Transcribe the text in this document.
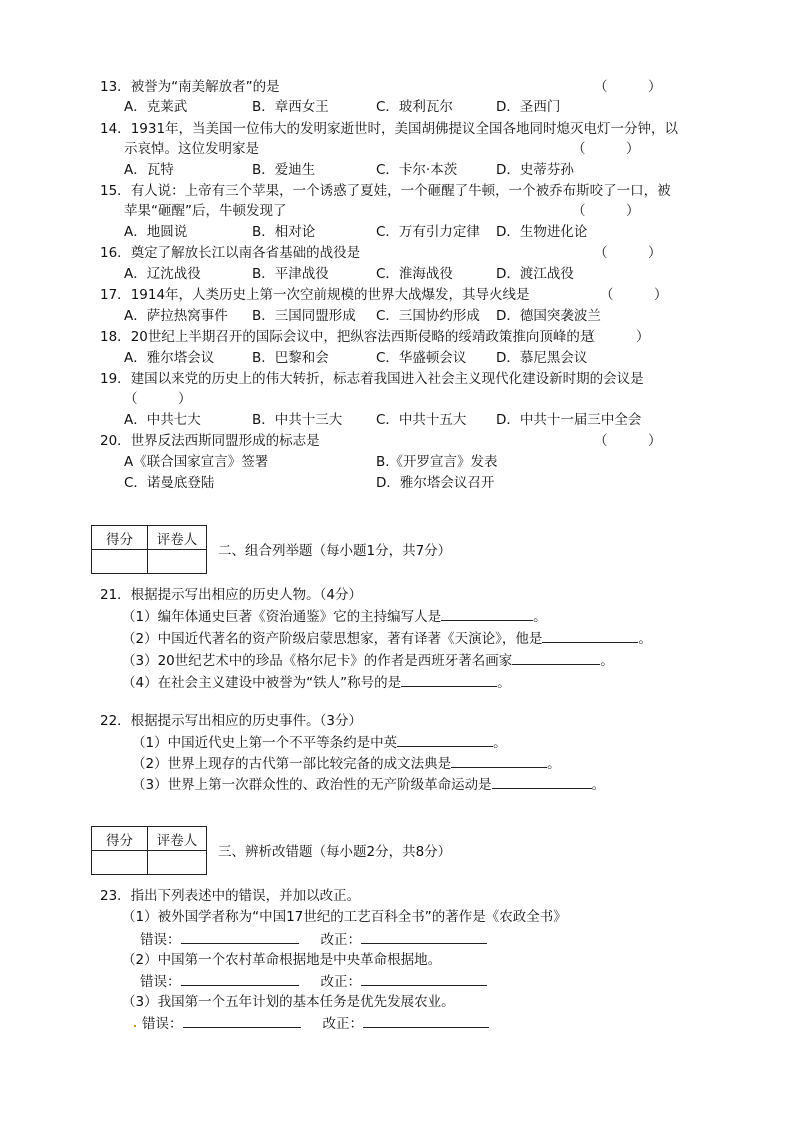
13．被誉为“南美解放者”的是	（　　　）
A．克莱武	B．章西女王	C．玻利瓦尔	D．圣西门
14．1931年，当美国一位伟大的发明家逝世时，美国胡佛提议全国各地同时熄灭电灯一分钟，以
示哀悼。这位发明家是	（　　　）
A．瓦特	B．爱迪生	C．卡尔·本茨	D．史蒂芬孙
15．有人说：上帝有三个苹果，一个诱惑了夏娃，一个砸醒了牛顿，一个被乔布斯咬了一口，被
苹果“砸醒”后，牛顿发现了	（　　　）
A．地圆说	B．相对论	C．万有引力定律 D．生物进化论
16．奠定了解放长江以南各省基础的战役是	（　　　）
A．辽沈战役	B．平津战役	C．淮海战役	D．渡江战役
17．1914年，人类历史上第一次空前规模的世界大战爆发，其导火线是	（　　　）
A．萨拉热窝事件 B．三国同盟形成 C．三国协约形成 D．德国突袭波兰
18．20世纪上半期召开的国际会议中，把纵容法西斯侵略的绥靖政策推向顶峰的是
（　　　）
A．雅尔塔会议	B．巴黎和会	C．华盛顿会议 D．慕尼黑会议
19．建国以来党的历史上的伟大转折，标志着我国进入社会主义现代化建设新时期的会议是
（　　　）
A．中共七大	B．中共十三大 C．中共十五大 D．中共十一届三中全会
20．世界反法西斯同盟形成的标志是	（　　　）
A《联合国家宣言》签署	B.《开罗宣言》发表
C．诺曼底登陆	D．雅尔塔会议召开
得分	评卷人

二、组合列举题（每小题1分，共7分）
21．根据提示写出相应的历史人物。（4分）
（1）编年体通史巨著《资治通鉴》它的主持编写人是	。
（2）中国近代著名的资产阶级启蒙思想家，著有译著《天演论》，他是	。
（3）20世纪艺术中的珍品《格尔尼卡》的作者是西班牙著名画家	。
（4）在社会主义建设中被誉为“铁人”称号的是	。
22．根据提示写出相应的历史事件。（3分）
（1）中国近代史上第一个不平等条约是中英	。
（2）世界上现存的古代第一部比较完备的成文法典是	。
（3）世界上第一次群众性的、政治性的无产阶级革命运动是	。
得分	评卷人

三、辨析改错题（每小题2分，共8分）
23．指出下列表述中的错误，并加以改正。
（1）被外国学者称为“中国17世纪的工艺百科全书”的著作是《农政全书》
错误：	改正：
（2）中国第一个农村革命根据地是中央革命根据地。
错误：	改正：
（3）我国第一个五年计划的基本任务是优先发展农业。
错误：	改正：
